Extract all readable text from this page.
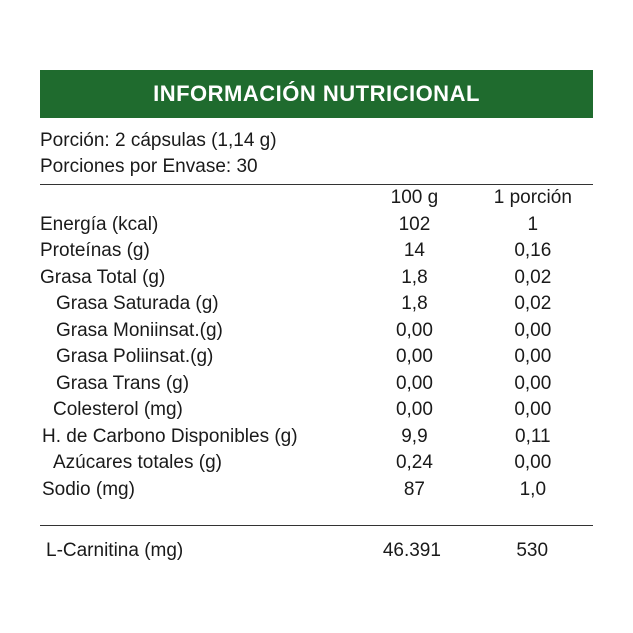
INFORMACIÓN NUTRICIONAL
Porción: 2 cápsulas (1,14 g)
Porciones por Envase: 30
	100 g	1 porción
Energía (kcal)	102	1
Proteínas (g)	14	0,16
Grasa Total (g)	1,8	0,02
Grasa Saturada (g)	1,8	0,02
Grasa Moniinsat.(g)	0,00	0,00
Grasa Poliinsat.(g)	0,00	0,00
Grasa Trans (g)	0,00	0,00
Colesterol (mg)	0,00	0,00
H. de Carbono Disponibles (g)	9,9	0,11
Azúcares totales (g)	0,24	0,00
Sodio (mg)	87	1,0
L-Carnitina (mg)	46.391	530
